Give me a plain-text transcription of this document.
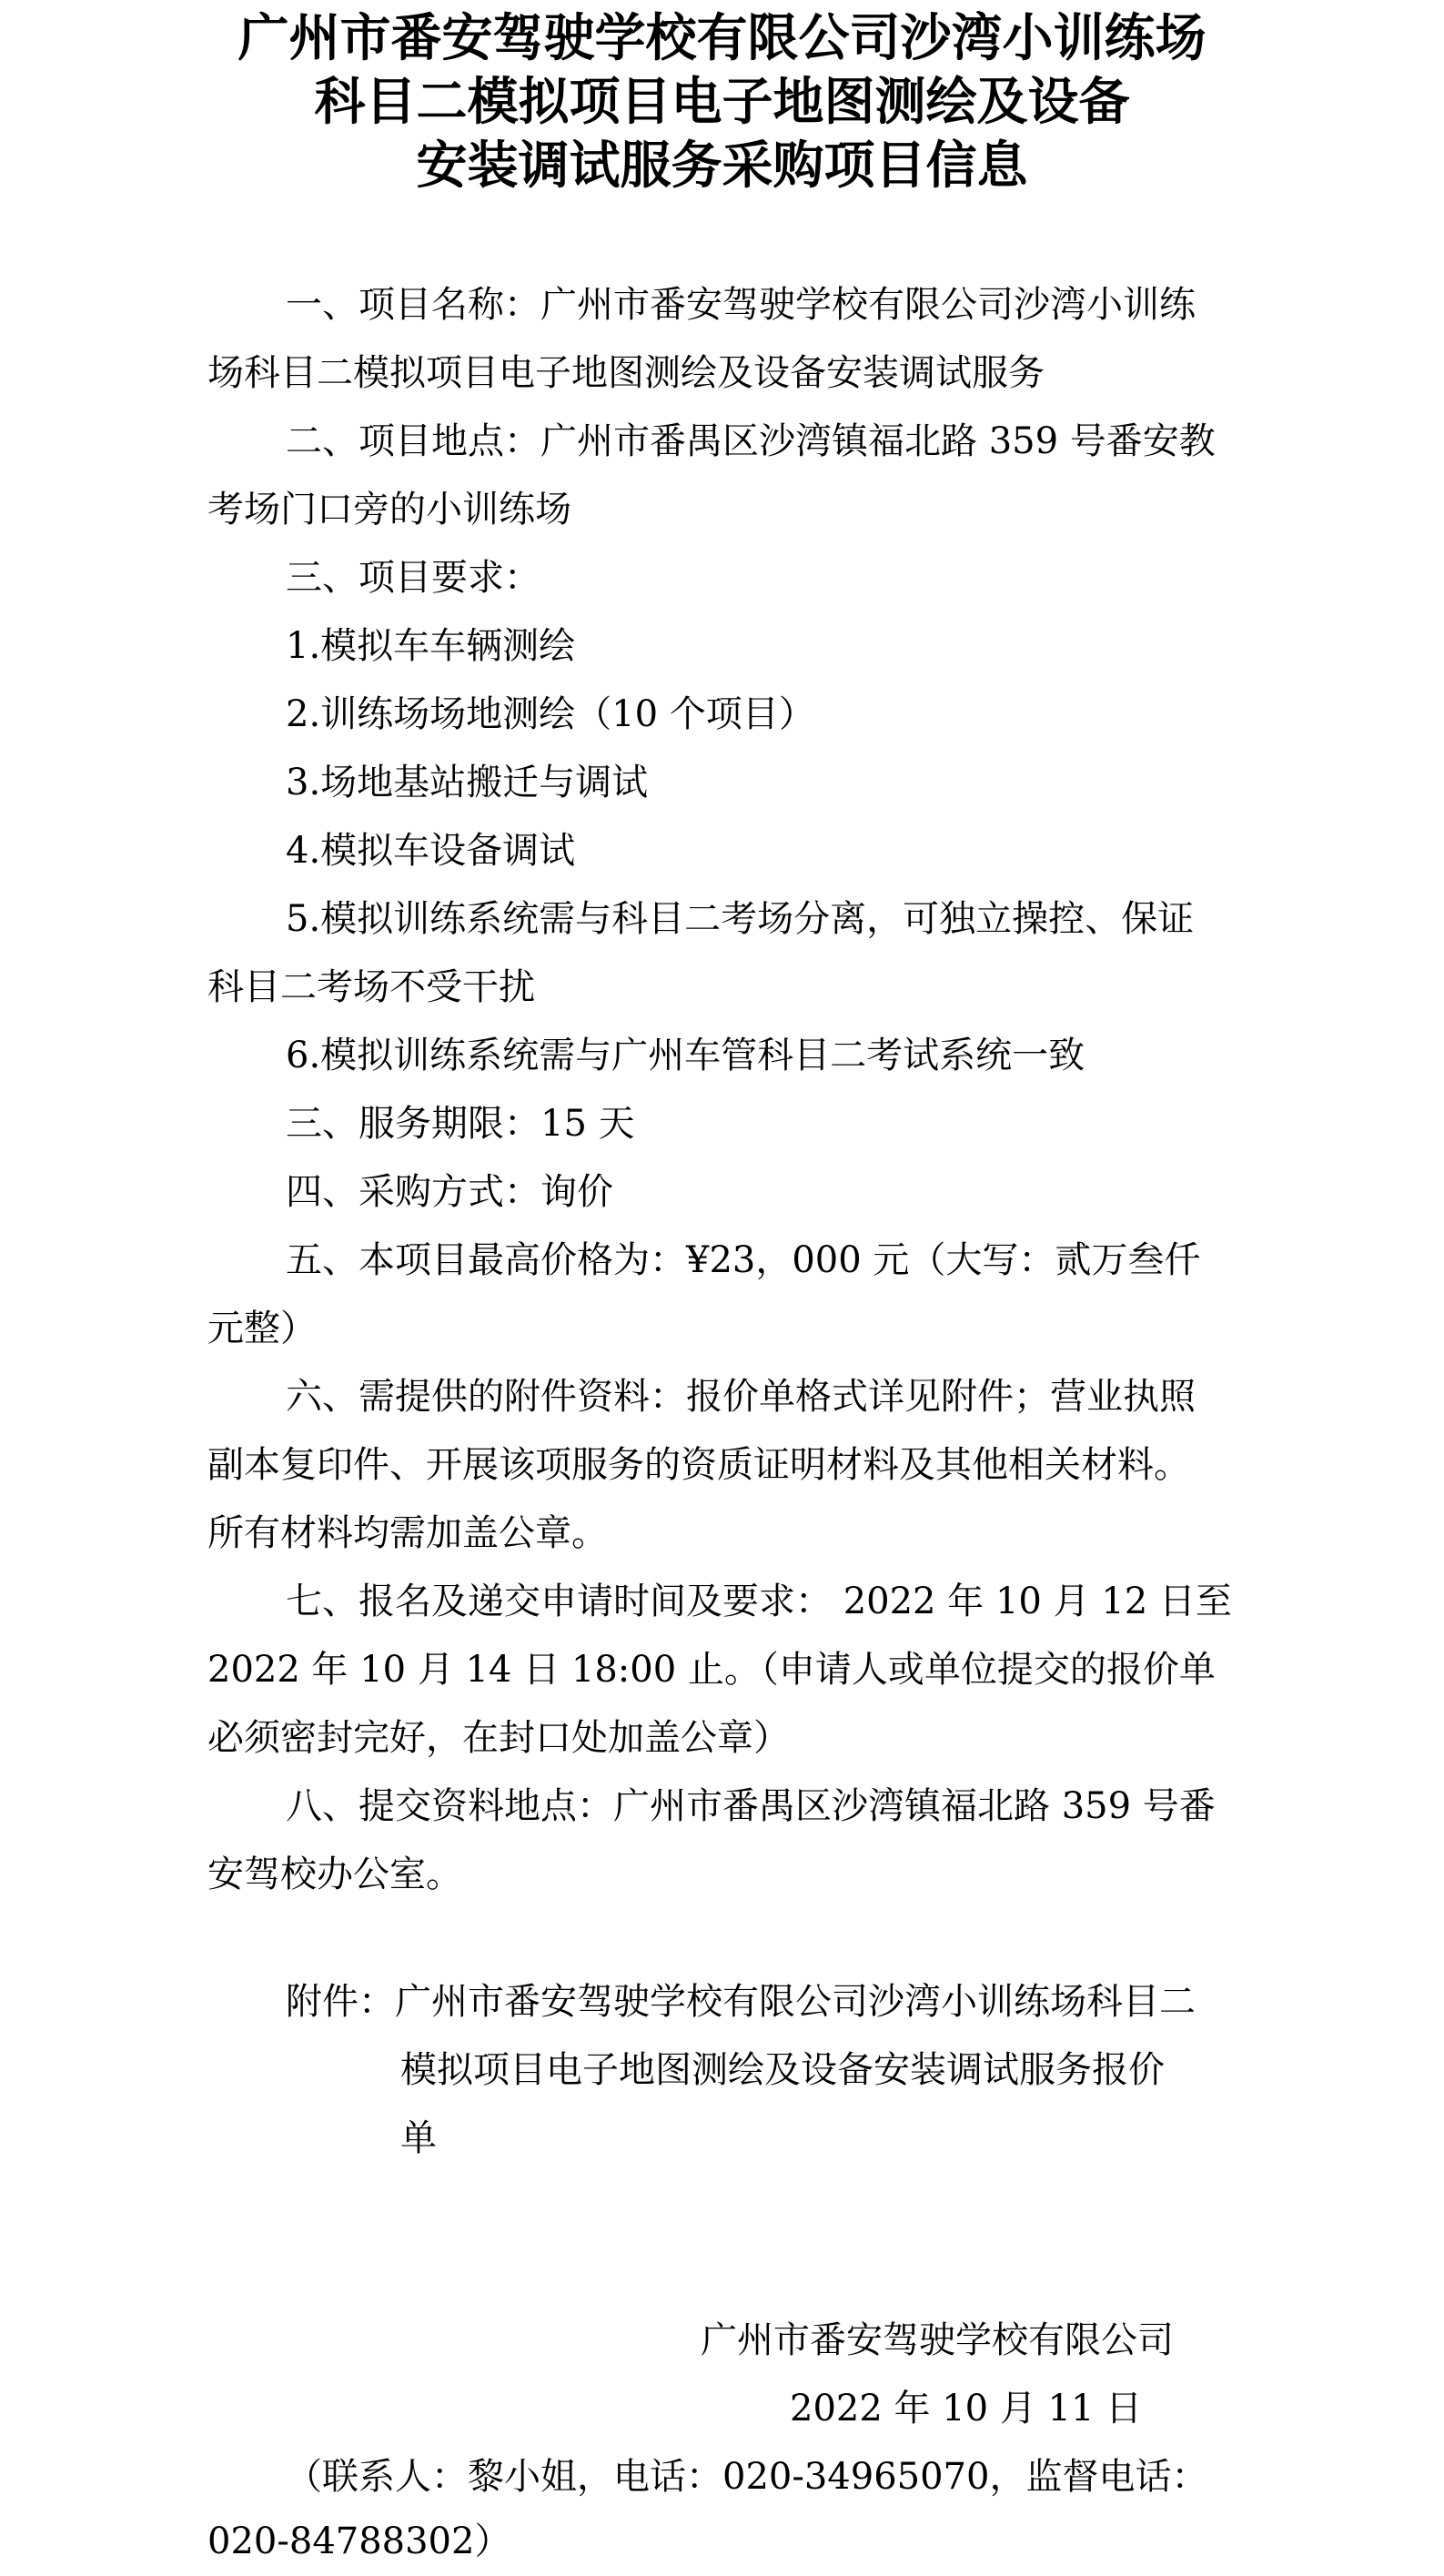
广州市番安驾驶学校有限公司沙湾小训练场
科目二模拟项目电子地图测绘及设备
安装调试服务采购项目信息
一、项目名称：广州市番安驾驶学校有限公司沙湾小训练
场科目二模拟项目电子地图测绘及设备安装调试服务
二、项目地点：广州市番禺区沙湾镇福北路 359 号番安教
考场门口旁的小训练场
三、项目要求：
1.模拟车车辆测绘
2.训练场场地测绘（10 个项目）
3.场地基站搬迁与调试
4.模拟车设备调试
5.模拟训练系统需与科目二考场分离，可独立操控、保证
科目二考场不受干扰
6.模拟训练系统需与广州车管科目二考试系统一致
三、服务期限：15 天
四、采购方式：询价
五、本项目最高价格为：¥23，000 元（大写：贰万叁仟
元整）
六、需提供的附件资料：报价单格式详见附件；营业执照
副本复印件、开展该项服务的资质证明材料及其他相关材料。
所有材料均需加盖公章。
七、报名及递交申请时间及要求： 2022 年 10 月 12 日至
2022 年 10 月 14 日 18:00 止。（申请人或单位提交的报价单
必须密封完好，在封口处加盖公章）
八、提交资料地点：广州市番禺区沙湾镇福北路 359 号番
安驾校办公室。
附件：广州市番安驾驶学校有限公司沙湾小训练场科目二
模拟项目电子地图测绘及设备安装调试服务报价
单
广州市番安驾驶学校有限公司
2022 年 10 月 11 日
（联系人：黎小姐，电话：020-34965070，监督电话：
020-84788302）
